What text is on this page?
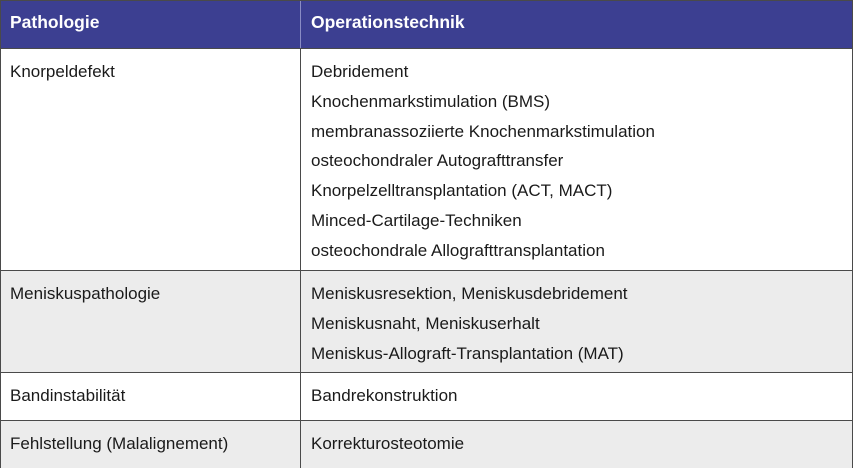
Pathologie	Operationstechnik
Knorpeldefekt	Debridement
Knochenmarkstimulation (BMS)
membranassoziierte Knochenmarkstimulation
osteochondraler Autografttransfer
Knorpelzelltransplantation (ACT, MACT)
Minced-Cartilage-Techniken
osteochondrale Allografttransplantation
Meniskuspathologie	Meniskusresektion, Meniskusdebridement
Meniskusnaht, Meniskuserhalt
Meniskus-Allograft-Transplantation (MAT)
Bandinstabilität	Bandrekonstruktion
Fehlstellung (Malalignement)	Korrekturosteotomie
